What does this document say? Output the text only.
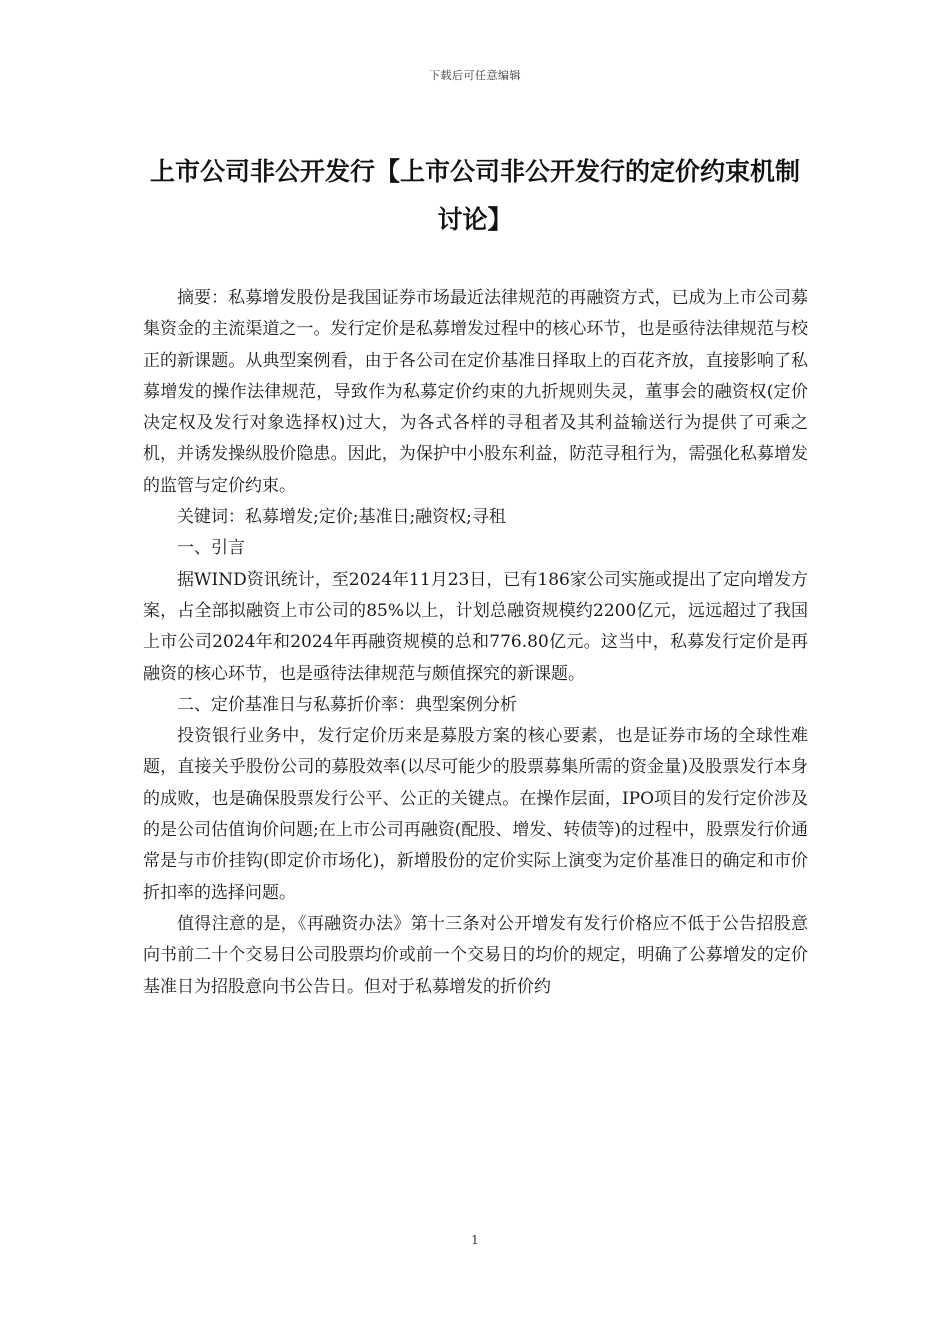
下载后可任意编辑
上市公司非公开发行【上市公司非公开发行的定价约束机制讨论】

摘要：私募增发股份是我国证券市场最近法律规范的再融资方式，已成为上市公司募集资金的主流渠道之一。发行定价是私募增发过程中的核心环节，也是亟待法律规范与校正的新课题。从典型案例看，由于各公司在定价基准日择取上的百花齐放，直接影响了私募增发的操作法律规范，导致作为私募定价约束的九折规则失灵，董事会的融资权(定价决定权及发行对象选择权)过大，为各式各样的寻租者及其利益输送行为提供了可乘之机，并诱发操纵股价隐患。因此，为保护中小股东利益，防范寻租行为，需强化私募增发的监管与定价约束。

关键词：私募增发;定价;基准日;融资权;寻租

一、引言

据WIND资讯统计，至2024年11月23日，已有186家公司实施或提出了定向增发方案，占全部拟融资上市公司的85%以上，计划总融资规模约2200亿元，远远超过了我国上市公司2024年和2024年再融资规模的总和776.80亿元。这当中，私募发行定价是再融资的核心环节，也是亟待法律规范与颇值探究的新课题。

二、定价基准日与私募折价率：典型案例分析

投资银行业务中，发行定价历来是募股方案的核心要素，也是证券市场的全球性难题，直接关乎股份公司的募股效率(以尽可能少的股票募集所需的资金量)及股票发行本身的成败，也是确保股票发行公平、公正的关键点。在操作层面，IPO项目的发行定价涉及的是公司估值询价问题;在上市公司再融资(配股、增发、转债等)的过程中，股票发行价通常是与市价挂钩(即定价市场化)，新增股份的定价实际上演变为定价基准日的确定和市价折扣率的选择问题。

值得注意的是，《再融资办法》第十三条对公开增发有发行价格应不低于公告招股意向书前二十个交易日公司股票均价或前一个交易日的均价的规定，明确了公募增发的定价基准日为招股意向书公告日。但对于私募增发的折价约

1
